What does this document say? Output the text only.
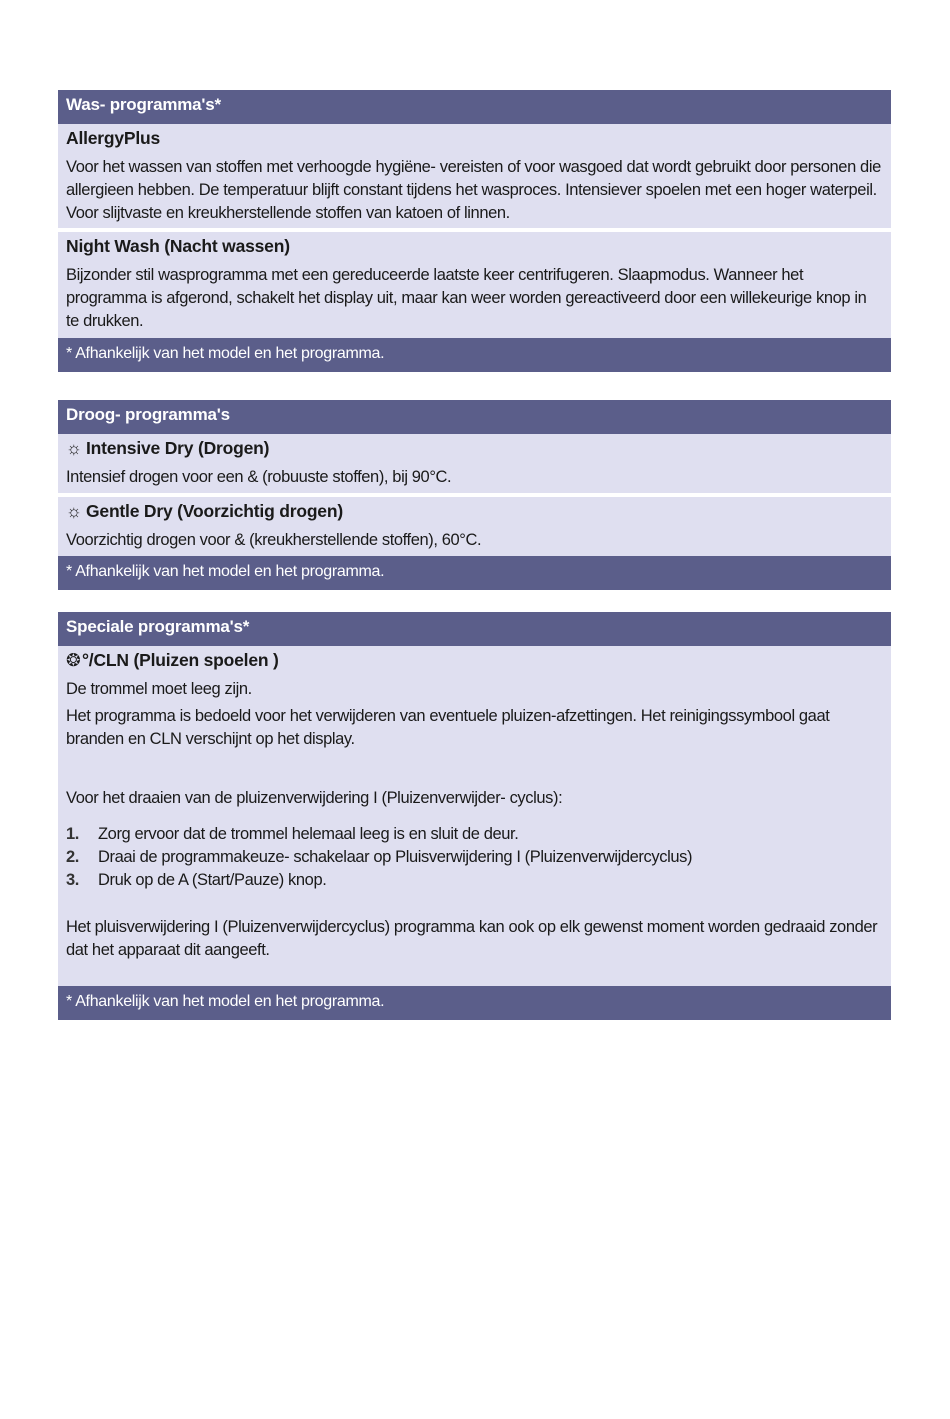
Was- programma's*
AllergyPlus
Voor het wassen van stoffen met verhoogde hygiëne- vereisten of voor wasgoed dat wordt gebruikt door personen die allergieen hebben. De temperatuur blijft constant tijdens het wasproces. Intensiever spoelen met een hoger waterpeil. Voor slijtvaste en kreukherstellende stoffen van katoen of linnen.
Night Wash (Nacht wassen)
Bijzonder stil wasprogramma met een gereduceerde laatste keer centrifugeren. Slaapmodus. Wanneer het programma is afgerond, schakelt het display uit, maar kan weer worden gereactiveerd door een willekeurige knop in te drukken.
* Afhankelijk van het model en het programma.
Droog- programma's
☼ Intensive Dry (Drogen)
Intensief drogen voor een & (robuuste stoffen), bij 90°C.
☼ Gentle Dry (Voorzichtig drogen)
Voorzichtig drogen voor & (kreukherstellende stoffen), 60°C.
* Afhankelijk van het model en het programma.
Speciale programma's*
❂°/CLN (Pluizen spoelen )

De trommel moet leeg zijn.

Het programma is bedoeld voor het verwijderen van eventuele pluizen-afzettingen. Het reinigingssymbool gaat branden en CLN verschijnt op het display.

Voor het draaien van de pluizenverwijdering I (Pluizenverwijder- cyclus):

1.	Zorg ervoor dat de trommel helemaal leeg is en sluit de deur.
2.	Draai de programmakeuze- schakelaar op Pluisverwijdering I (Pluizenverwijdercyclus)
3.	Druk op de A (Start/Pauze) knop.

Het pluisverwijdering I (Pluizenverwijdercyclus) programma kan ook op elk gewenst moment worden gedraaid zonder dat het apparaat dit aangeeft.

* Afhankelijk van het model en het programma.
